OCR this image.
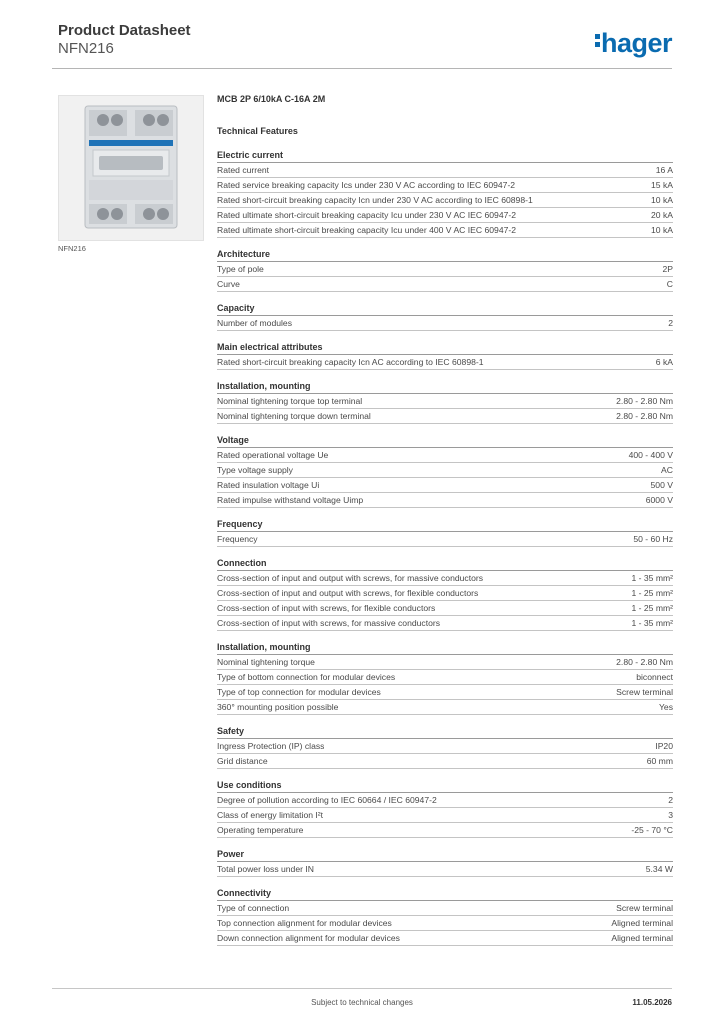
Product Datasheet
NFN216	hager
NFN216
MCB 2P 6/10kA C-16A 2M
Technical Features
Electric current
Rated current	16 A
Rated service breaking capacity Ics under 230 V AC according to IEC 60947-2	15 kA
Rated short-circuit breaking capacity Icn under 230 V AC according to IEC 60898-1	10 kA
Rated ultimate short-circuit breaking capacity Icu under 230 V AC IEC 60947-2	20 kA
Rated ultimate short-circuit breaking capacity Icu under 400 V AC IEC 60947-2	10 kA
Architecture
Type of pole	2P
Curve	C
Capacity
Number of modules	2
Main electrical attributes
Rated short-circuit breaking capacity Icn AC according to IEC 60898-1	6 kA
Installation, mounting
Nominal tightening torque top terminal	2.80 - 2.80 Nm
Nominal tightening torque down terminal	2.80 - 2.80 Nm
Voltage
Rated operational voltage Ue	400 - 400 V
Type voltage supply	AC
Rated insulation voltage Ui	500 V
Rated impulse withstand voltage Uimp	6000 V
Frequency
Frequency	50 - 60 Hz
Connection
Cross-section of input and output with screws, for massive conductors	1 - 35 mm²
Cross-section of input and output with screws, for flexible conductors	1 - 25 mm²
Cross-section of input with screws, for flexible conductors	1 - 25 mm²
Cross-section of input with screws, for massive conductors	1 - 35 mm²
Installation, mounting
Nominal tightening torque	2.80 - 2.80 Nm
Type of bottom connection for modular devices	biconnect
Type of top connection for modular devices	Screw terminal
360° mounting position possible	Yes
Safety
Ingress Protection (IP) class	IP20
Grid distance	60 mm
Use conditions
Degree of pollution according to IEC 60664 / IEC 60947-2	2
Class of energy limitation I²t	3
Operating temperature	-25 - 70 °C
Power
Total power loss under IN	5.34 W
Connectivity
Type of connection	Screw terminal
Top connection alignment for modular devices	Aligned terminal
Down connection alignment for modular devices	Aligned terminal
Subject to technical changes	11.05.2026
